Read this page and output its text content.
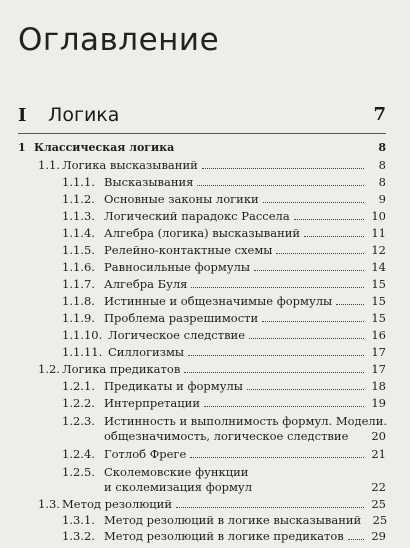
Оглавление
I Логика	7
1 Классическая логика	8
1.1. Логика высказываний	8
1.1.1. Высказывания	8
1.1.2. Основные законы логики	9
1.1.3. Логический парадокс Рассела	10
1.1.4. Алгебра (логика) высказываний	11
1.1.5. Релейно-контактные схемы	12
1.1.6. Равносильные формулы	14
1.1.7. Алгебра Буля	15
1.1.8. Истинные и общезначимые формулы	15
1.1.9. Проблема разрешимости	15
1.1.10. Логическое следствие	16
1.1.11. Силлогизмы	17
1.2. Логика предикатов	17
1.2.1. Предикаты и формулы	18
1.2.2. Интерпретации	19
1.2.3. Истинность и выполнимость формул. Модели.
общезначимость, логическое следствие 20
1.2.4. Готлоб Фреге	21
1.2.5. Сколемовские функции
и сколемизация формул	22
1.3. Метод резолюций	25
1.3.1. Метод резолюций в логике высказываний 25
1.3.2. Метод резолюций в логике предикатов 29
